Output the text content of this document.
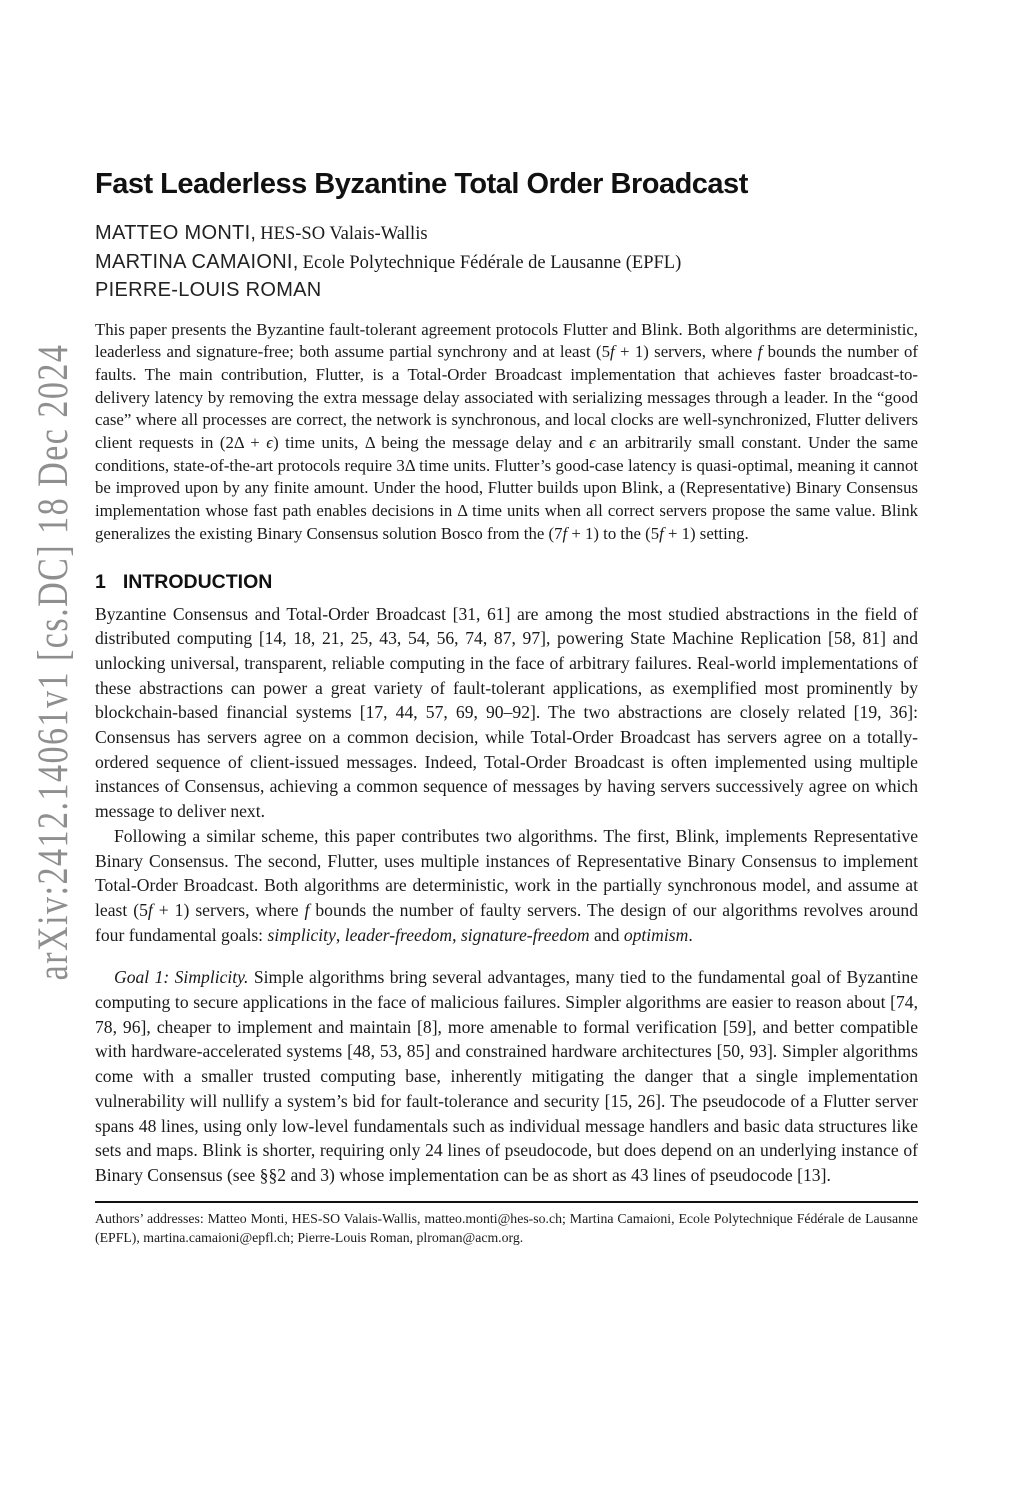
arXiv:2412.14061v1 [cs.DC] 18 Dec 2024
Fast Leaderless Byzantine Total Order Broadcast
MATTEO MONTI, HES-SO Valais-Wallis
MARTINA CAMAIONI, Ecole Polytechnique Fédérale de Lausanne (EPFL)
PIERRE-LOUIS ROMAN

This paper presents the Byzantine fault-tolerant agreement protocols Flutter and Blink. Both algorithms are deterministic, leaderless and signature-free; both assume partial synchrony and at least (5f + 1) servers, where f bounds the number of faults. The main contribution, Flutter, is a Total-Order Broadcast implementation that achieves faster broadcast-to-delivery latency by removing the extra message delay associated with serializing messages through a leader. In the “good case” where all processes are correct, the network is synchronous, and local clocks are well-synchronized, Flutter delivers client requests in (2Δ + ϵ) time units, Δ being the message delay and ϵ an arbitrarily small constant. Under the same conditions, state-of-the-art protocols require 3Δ time units. Flutter’s good-case latency is quasi-optimal, meaning it cannot be improved upon by any finite amount. Under the hood, Flutter builds upon Blink, a (Representative) Binary Consensus implementation whose fast path enables decisions in Δ time units when all correct servers propose the same value. Blink generalizes the existing Binary Consensus solution Bosco from the (7f + 1) to the (5f + 1) setting.

1 INTRODUCTION

Byzantine Consensus and Total-Order Broadcast [31, 61] are among the most studied abstractions in the field of distributed computing [14, 18, 21, 25, 43, 54, 56, 74, 87, 97], powering State Machine Replication [58, 81] and unlocking universal, transparent, reliable computing in the face of arbitrary failures. Real-world implementations of these abstractions can power a great variety of fault-tolerant applications, as exemplified most prominently by blockchain-based financial systems [17, 44, 57, 69, 90–92]. The two abstractions are closely related [19, 36]: Consensus has servers agree on a common decision, while Total-Order Broadcast has servers agree on a totally-ordered sequence of client-issued messages. Indeed, Total-Order Broadcast is often implemented using multiple instances of Consensus, achieving a common sequence of messages by having servers successively agree on which message to deliver next.

Following a similar scheme, this paper contributes two algorithms. The first, Blink, implements Representative Binary Consensus. The second, Flutter, uses multiple instances of Representative Binary Consensus to implement Total-Order Broadcast. Both algorithms are deterministic, work in the partially synchronous model, and assume at least (5f + 1) servers, where f bounds the number of faulty servers. The design of our algorithms revolves around four fundamental goals: simplicity, leader-freedom, signature-freedom and optimism.

Goal 1: Simplicity. Simple algorithms bring several advantages, many tied to the fundamental goal of Byzantine computing to secure applications in the face of malicious failures. Simpler algorithms are easier to reason about [74, 78, 96], cheaper to implement and maintain [8], more amenable to formal verification [59], and better compatible with hardware-accelerated systems [48, 53, 85] and constrained hardware architectures [50, 93]. Simpler algorithms come with a smaller trusted computing base, inherently mitigating the danger that a single implementation vulnerability will nullify a system’s bid for fault-tolerance and security [15, 26]. The pseudocode of a Flutter server spans 48 lines, using only low-level fundamentals such as individual message handlers and basic data structures like sets and maps. Blink is shorter, requiring only 24 lines of pseudocode, but does depend on an underlying instance of Binary Consensus (see §§2 and 3) whose implementation can be as short as 43 lines of pseudocode [13].

Authors’ addresses: Matteo Monti, HES-SO Valais-Wallis, matteo.monti@hes-so.ch; Martina Camaioni, Ecole Polytechnique Fédérale de Lausanne (EPFL), martina.camaioni@epfl.ch; Pierre-Louis Roman, plroman@acm.org.
